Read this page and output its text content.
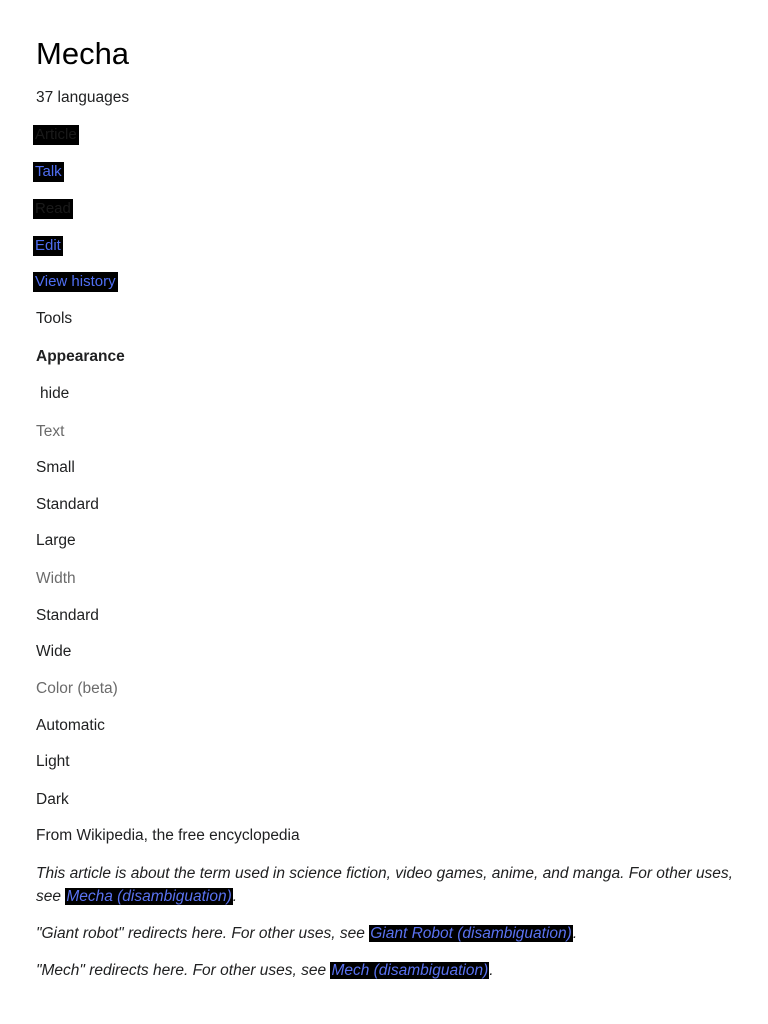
Mecha
37 languages
Article
Talk
Read
Edit
View history
Tools
Appearance
hide
Text
Small
Standard
Large
Width
Standard
Wide
Color (beta)
Automatic
Light
Dark
From Wikipedia, the free encyclopedia
This article is about the term used in science fiction, video games, anime, and manga. For other uses, see Mecha (disambiguation).
"Giant robot" redirects here. For other uses, see Giant Robot (disambiguation).
"Mech" redirects here. For other uses, see Mech (disambiguation).
